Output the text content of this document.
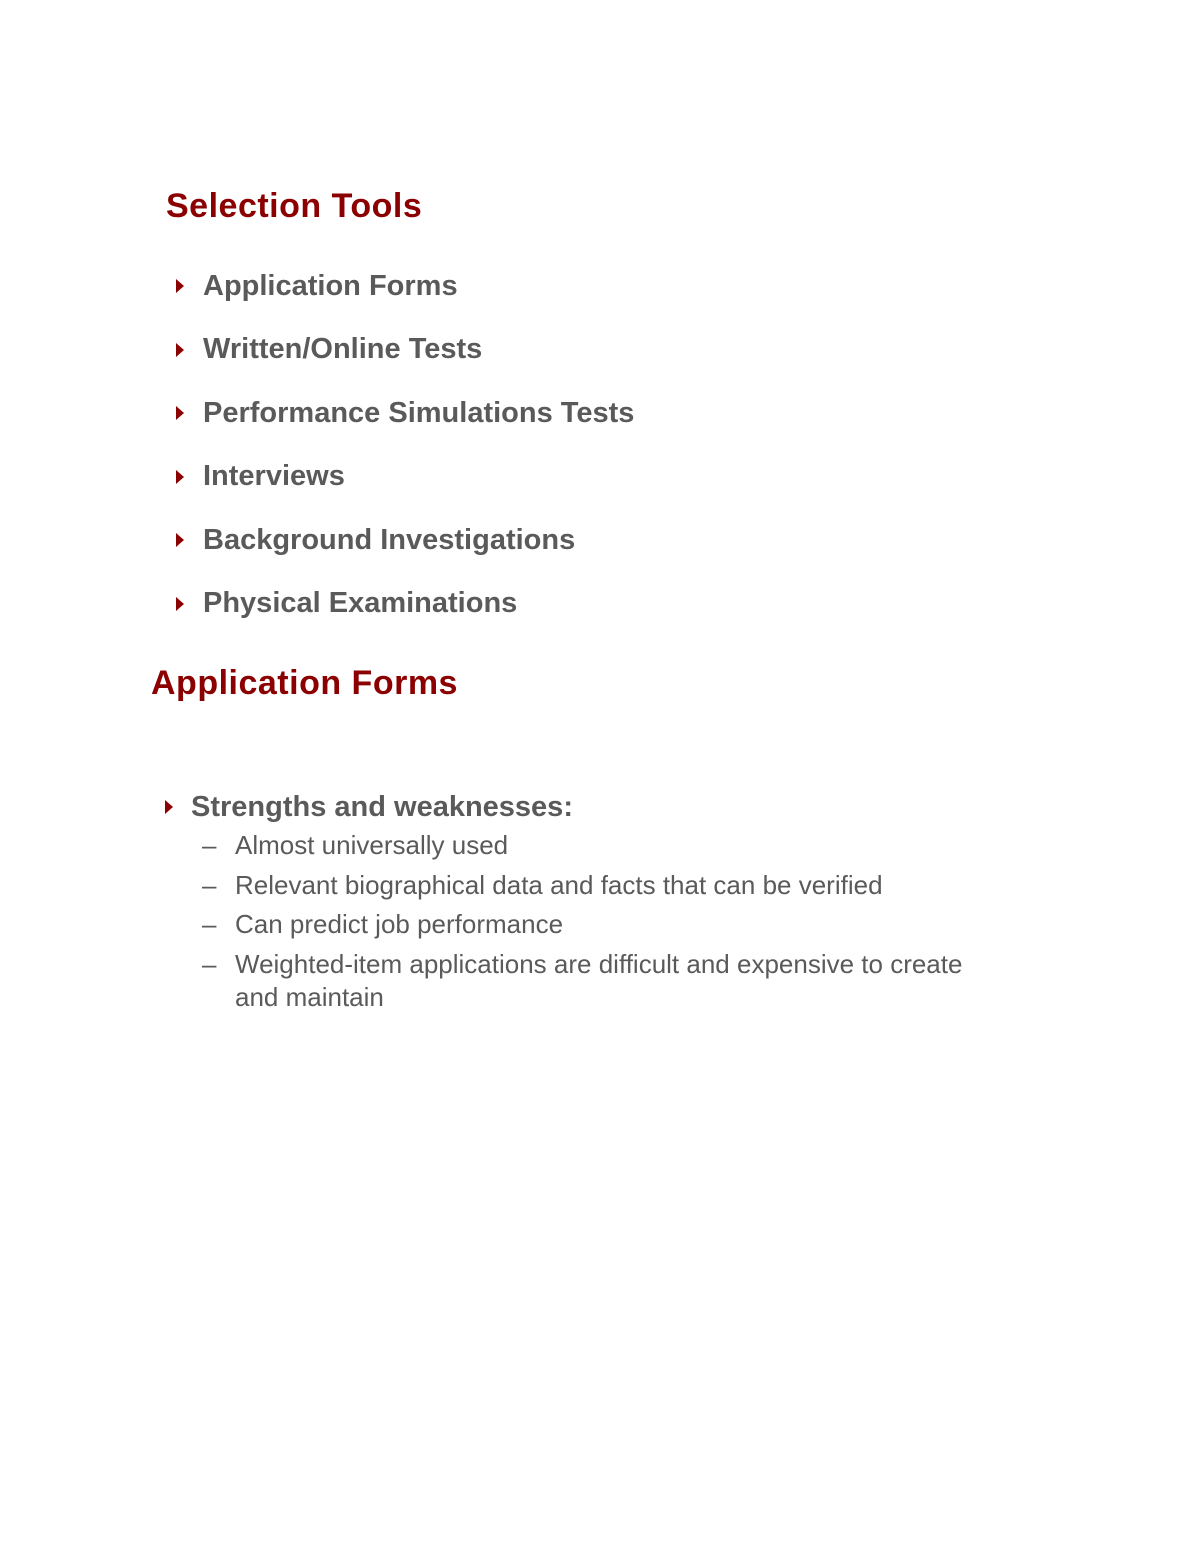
Selection Tools
Application Forms
Written/Online Tests
Performance Simulations Tests
Interviews
Background Investigations
Physical Examinations
Application Forms
Strengths and weaknesses:
– Almost universally used
– Relevant biographical data and facts that can be verified
– Can predict job performance
– Weighted-item applications are difficult and expensive to create and maintain
